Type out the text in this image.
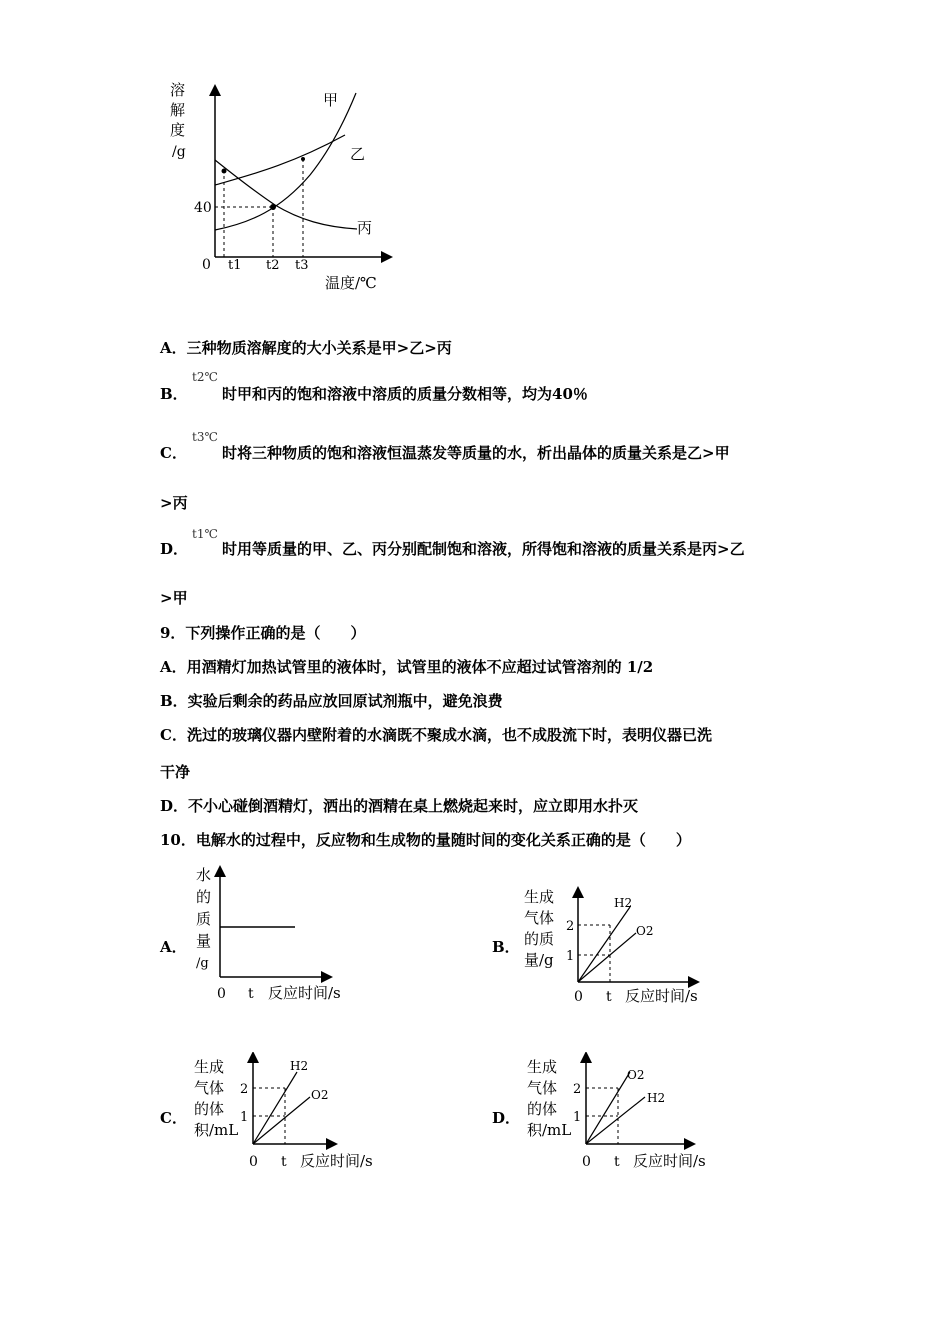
溶
解
度
/g
40
0 t1 t2 t3
温度/℃
甲
乙
丙
A．三种物质溶解度的大小关系是甲>乙>丙
B．
t2℃
时甲和丙的饱和溶液中溶质的质量分数相等，均为40％
C．
t3℃
时将三种物质的饱和溶液恒温蒸发等质量的水，析出晶体的质量关系是乙>甲
>丙
D．
t1℃
时用等质量的甲、乙、丙分别配制饱和溶液，所得饱和溶液的质量关系是丙>乙
>甲
9．下列操作正确的是（　　）
A．用酒精灯加热试管里的液体时，试管里的液体不应超过试管溶剂的 1/2
B．实验后剩余的药品应放回原试剂瓶中，避免浪费
C．洗过的玻璃仪器内壁附着的水滴既不聚成水滴，也不成股流下时，表明仪器已洗
干净
D．不小心碰倒酒精灯，洒出的酒精在桌上燃烧起来时，应立即用水扑灭
10．电解水的过程中，反应物和生成物的量随时间的变化关系正确的是（　　）
A．	B．
C．	D．
水
的
质
量
/g
0 t 反应时间/s
生成
气体
的质
量/g
2
1
H2
O2
0 t 反应时间/s
生成
气体
的体
积/mL
2
1
H2
O2
0 t 反应时间/s
生成
气体
的体
积/mL
2
1
O2
H2
0 t 反应时间/s
